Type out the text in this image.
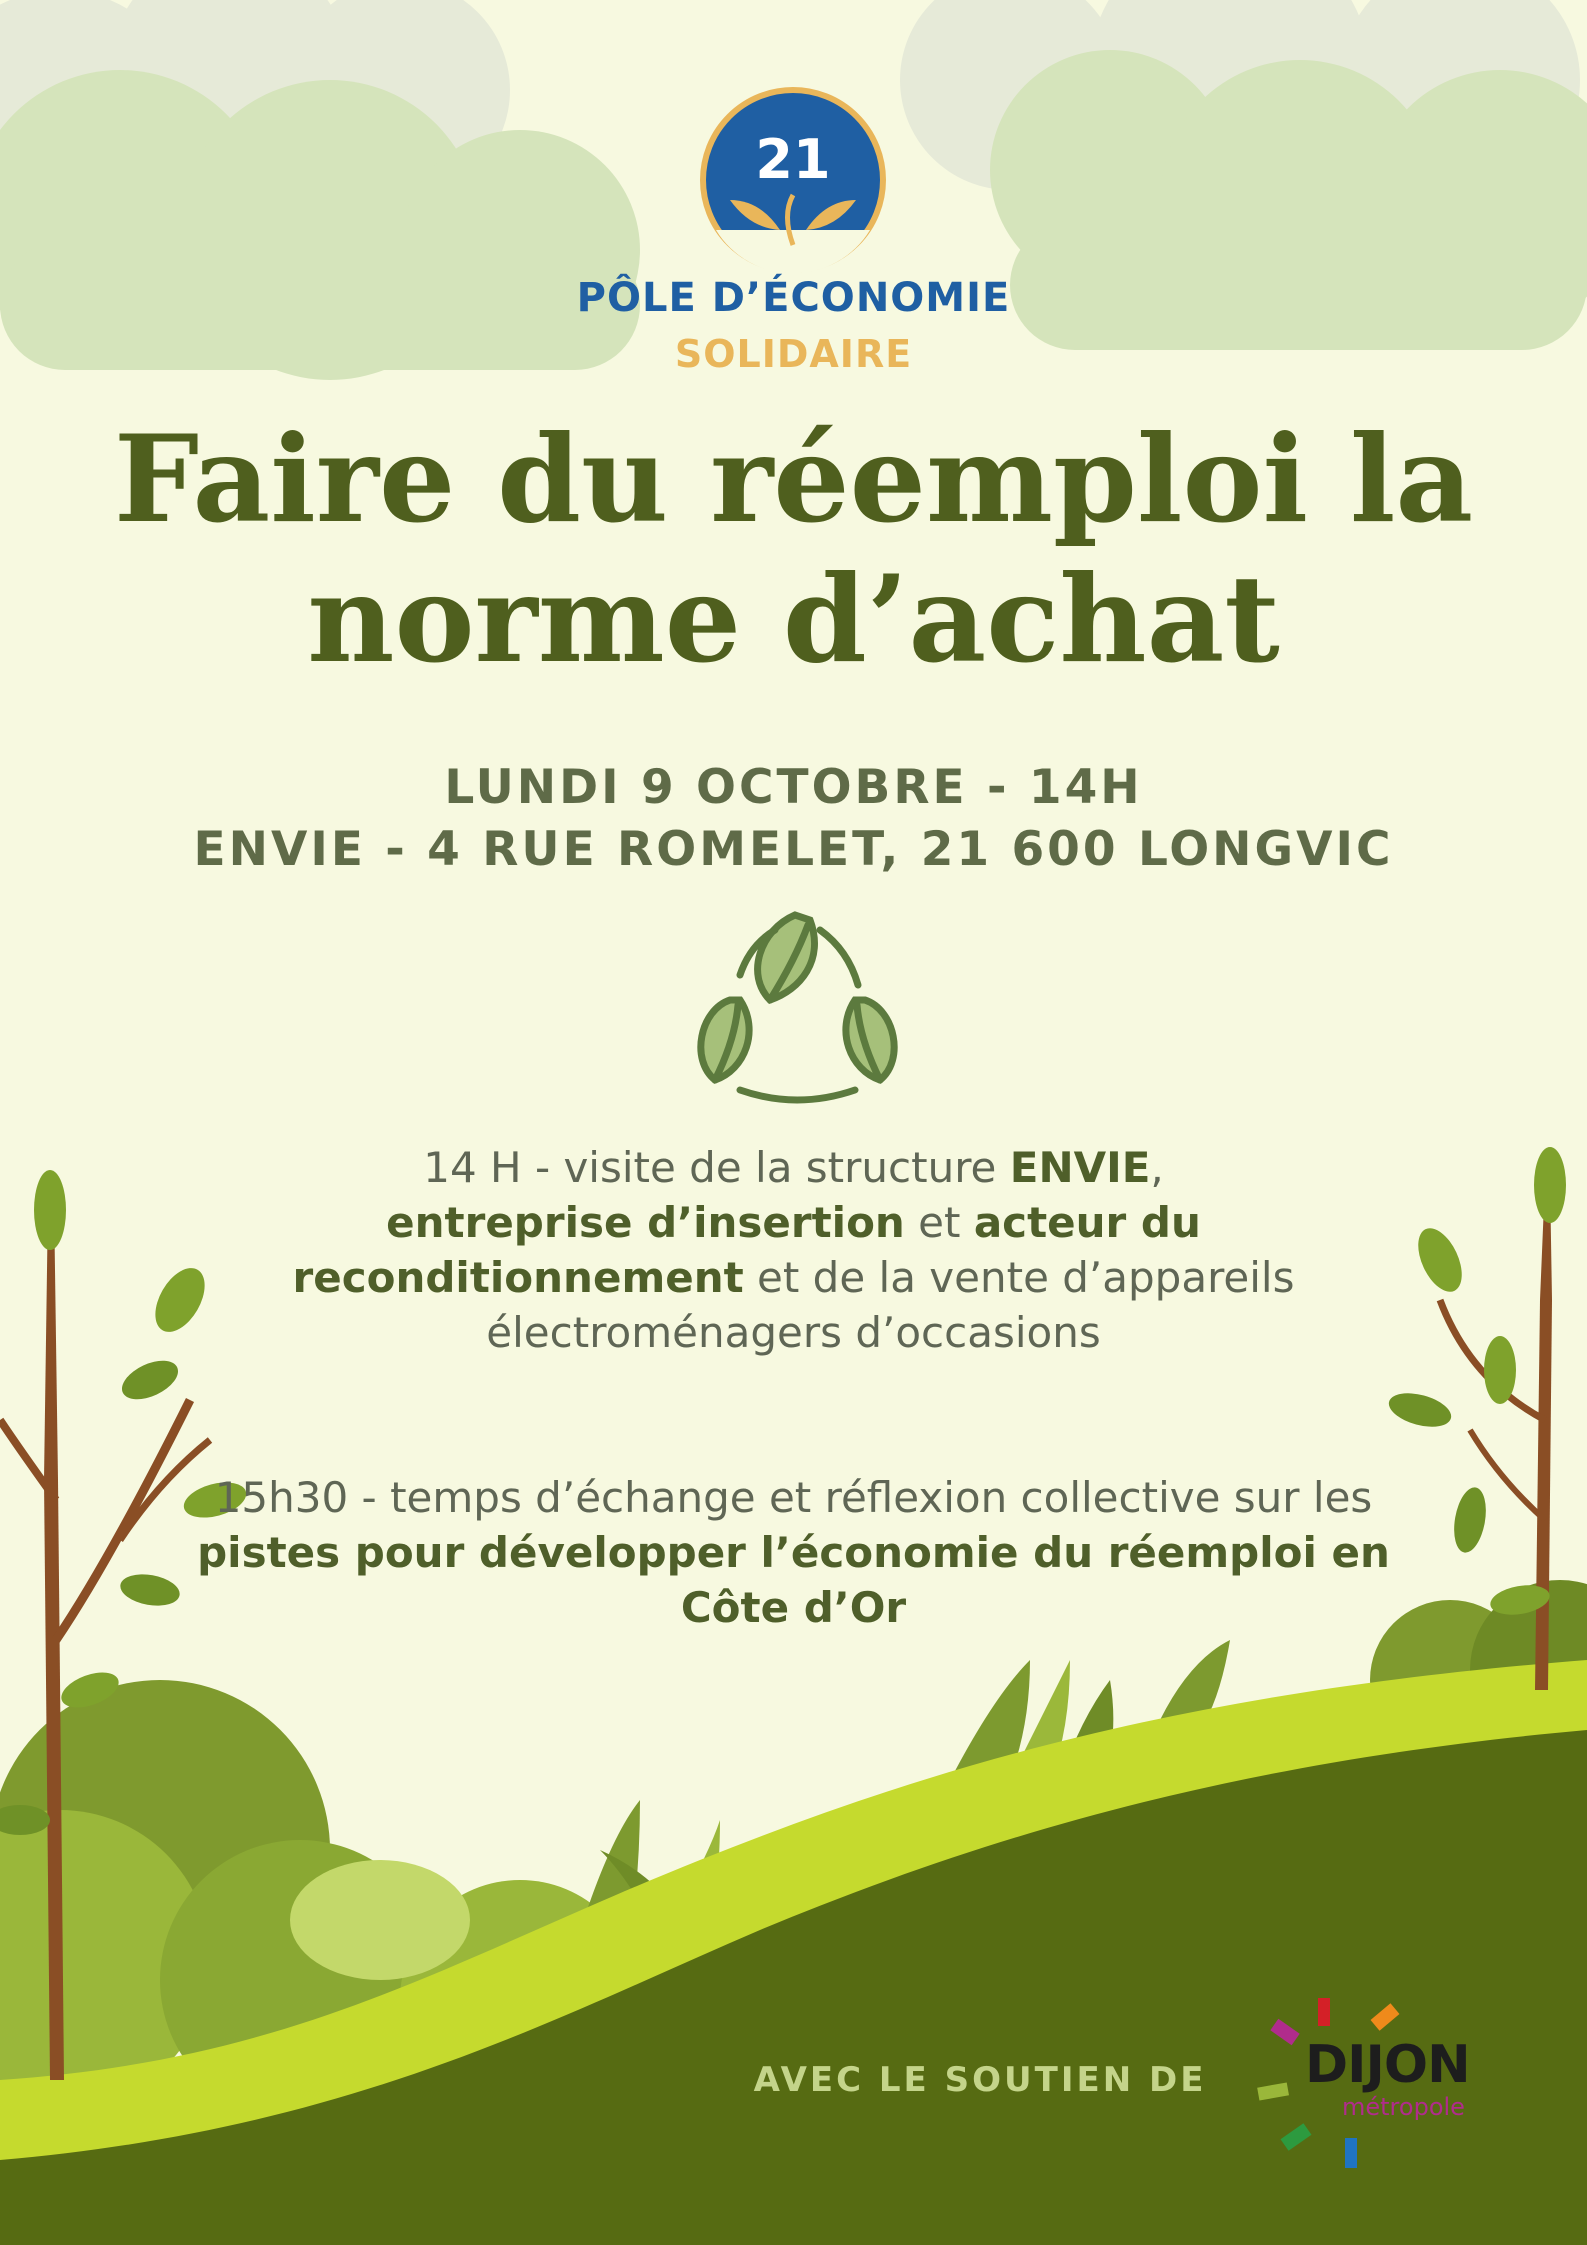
21
PÔLE D’ÉCONOMIE
SOLIDAIRE
Faire du réemploi la
norme d’achat
LUNDI 9 OCTOBRE - 14H
ENVIE - 4 RUE ROMELET, 21 600 LONGVIC
14 H - visite de la structure ENVIE,
entreprise d’insertion et acteur du reconditionnement et de la vente d’appareils électroménagers d’occasions
15h30 - temps d’échange et réflexion collective sur les pistes pour développer l’économie du réemploi en Côte d’Or
AVEC LE SOUTIEN DE DIJON
métropole
